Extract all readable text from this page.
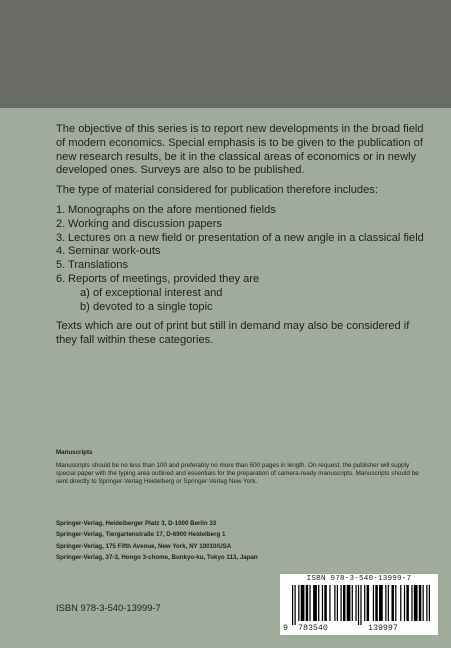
The objective of this series is to report new developments in the broad field of modern economics. Special emphasis is to be given to the publication of new research results, be it in the classical areas of economics or in newly developed ones. Surveys are also to be published.

The type of material considered for publication therefore includes:

1. Monographs on the afore mentioned fields
2. Working and discussion papers
3. Lectures on a new field or presentation of a new angle in a classical field
4. Seminar work-outs
5. Translations
6. Reports of meetings, provided they are
a) of exceptional interest and
b) devoted to a single topic

Texts which are out of print but still in demand may also be considered if they fall within these categories.

Manuscripts
Manuscripts should be no less than 100 and preferably no more than 500 pages in length. On request, the publisher will supply special paper with the typing area outlined and essentials for the preparation of camera-ready manuscripts. Manuscripts should be sent directly to Springer-Verlag Heidelberg or Springer-Verlag New York.
Springer-Verlag, Heidelberger Platz 3, D-1000 Berlin 33
Springer-Verlag, Tiergartenstraße 17, D-6900 Heidelberg 1
Springer-Verlag, 175 Fifth Avenue, New York, NY 10010/USA
Springer-Verlag, 37-3, Hongo 3-chome, Bunkyo-ku, Tokyo 113, Japan
ISBN 978-3-540-13999-7
ISBN 978-3-540-13999-7
9 783540	139997
